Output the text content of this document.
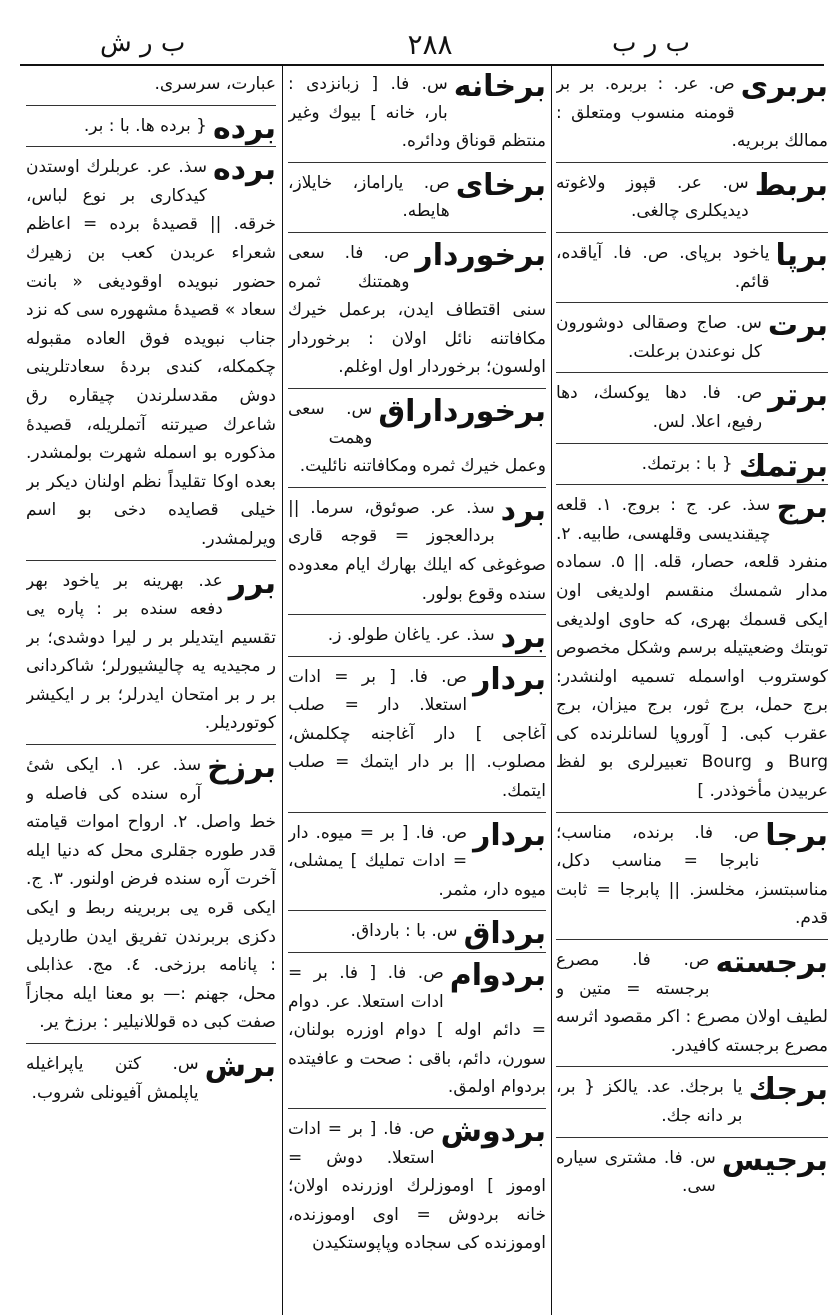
ب ر ش	٢٨٨	ب ر ب
بربری
ص. عر. : بربره. بر بر قومنه منسوب ومتعلق : ممالك بربريه.
بربط
س. عر. قپوز ولاغوته دیدیكلری چالغی.
برپا
یاخود برپای. ص. فا. آیاقده، قائم.
برت
س. صاج وصقالی دوشورون كل نوعندن برعلت.
برتر
ص. فا. دها یوكسك، دها رفیع، اعلا. لس.
برتمك
{ با : برتمك.
برج
سذ. عر. ج : بروج. ١. قلعه چیقندیسی وقلهسی، طابیه. ٢. منفرد قلعه، حصار، قله. || ٥. سماده مدار شمسك منقسم اولدیغی اون ایكی قسمك بهری، كه حاوی اولدیغی توبتك وضعیتیله برسم وشكل مخصوص كوستروب اواسمله تسمیه اولنشدر: برج حمل، برج ثور، برج میزان، برج عقرب كبی. [ آوروپا لسانلرنده كی Burg و Bourg تعبیرلری بو لفظ عربیدن مأخوذدر. ]
برجا
ص. فا. برنده، مناسب؛ نابرجا = مناسب دكل، مناسبتسز، مخلسز. || پابرجا = ثابت قدم.
برجسته
ص. فا. مصرع برجسته = متین و لطیف اولان مصرع : اكر مقصود اثرسه مصرع برجسته كافیدر.
برجك
یا برجك. عد. یالکز { بر، بر دانه جك.
برجیس
س. فا. مشتری سیاره سی.
برخانه
س. فا. [ زبانزدی : بار، خانه ] بیوك وغیر منتظم قوناق ودائره.
برخای
ص. یاراماز، خایلاز، هایطه.
برخوردار
ص. فا. سعی وهمتنك ثمره سنی اقتطاف ایدن، برعمل خیرك مكافاتنه نائل اولان : برخوردار اولسون؛ برخوردار اول اوغلم.
برخورداراق
س. سعی وهمت وعمل خیرك ثمره ومكافاتنه نائلیت.
برد
سذ. عر. صوئوق، سرما. || بردالعجوز = قوجه قاری صوغوغی كه ایلك بهارك ایام معدوده سنده وقوع بولور.
برد
سذ. عر. یاغان طولو. ز.
بردار
ص. فا. [ بر = ادات استعلا. دار = صلب آغاجی ] دار آغاجنه چكلمش، مصلوب. || بر دار ایتمك = صلب ایتمك.
بردار
ص. فا. [ بر = میوه. دار = ادات تملیك ] یمشلی، میوه دار، مثمر.
برداق
س. با : بارداق.
بردوام
ص. فا. [ فا. بر = ادات استعلا. عر. دوام = دائم اوله ] دوام اوزره بولنان، سورن، دائم، باقی : صحت و عافیتده بردوام اولمق.
بردوش
ص. فا. [ بر = ادات استعلا. دوش = اوموز ] اوموزلرك اوزرنده اولان؛ خانه بردوش = اوی اوموزنده، اوموزنده كی سجاده وپاپوستكیدن
عبارت، سرسری.
برده
{ برده ها. با : بر.
برده
سذ. عر. عربلرك اوستدن كیدكاری بر نوع لباس، خرقه. || قصیدهٔ برده = اعاظم شعراء عربدن كعب بن زهیرك حضور نبویده اوقودیغی « بانت سعاد » قصیدهٔ مشهوره سی كه نزد جناب نبویده فوق العاده مقبوله چكمكله، كندی بردهٔ سعادتلرینی دوش مقدسلرندن چیقاره رق شاعرك صیرتنه آتملریله، قصیدهٔ مذكوره بو اسمله شهرت بولمشدر. بعده اوكا تقلیداً نظم اولنان دیكر بر خیلی قصایده دخی بو اسم ویرلمشدر.
برر
عد. بهرینه بر یاخود بهر دفعه سنده بر : پاره یی تقسیم ایتدیلر بر ر لیرا دوشدی؛ بر ر مجیدیه یه چالیشیورلر؛ شاكردانی بر ر بر امتحان ایدرلر؛ بر ر ایكیشر كوتوردیلر.
برزخ
سذ. عر. ١. ایكی شیٔ آره سنده كی فاصله و خط واصل. ٢. ارواح اموات قیامته قدر طوره جقلری محل كه دنیا ایله آخرت آره سنده فرض اولنور. ٣. ج. ایكی قره یی بربرینه ربط و ایكی دكزی بربرندن تفریق ایدن طاردیل : پانامه برزخی. ٤. مج. عذابلی محل، جهنم :— بو معنا ایله مجازاً صفت كبی ده قوللانیلیر : برزخ یر.
برش
س. كتن یاپراغیله یاپلمش آفیونلی شروب.
